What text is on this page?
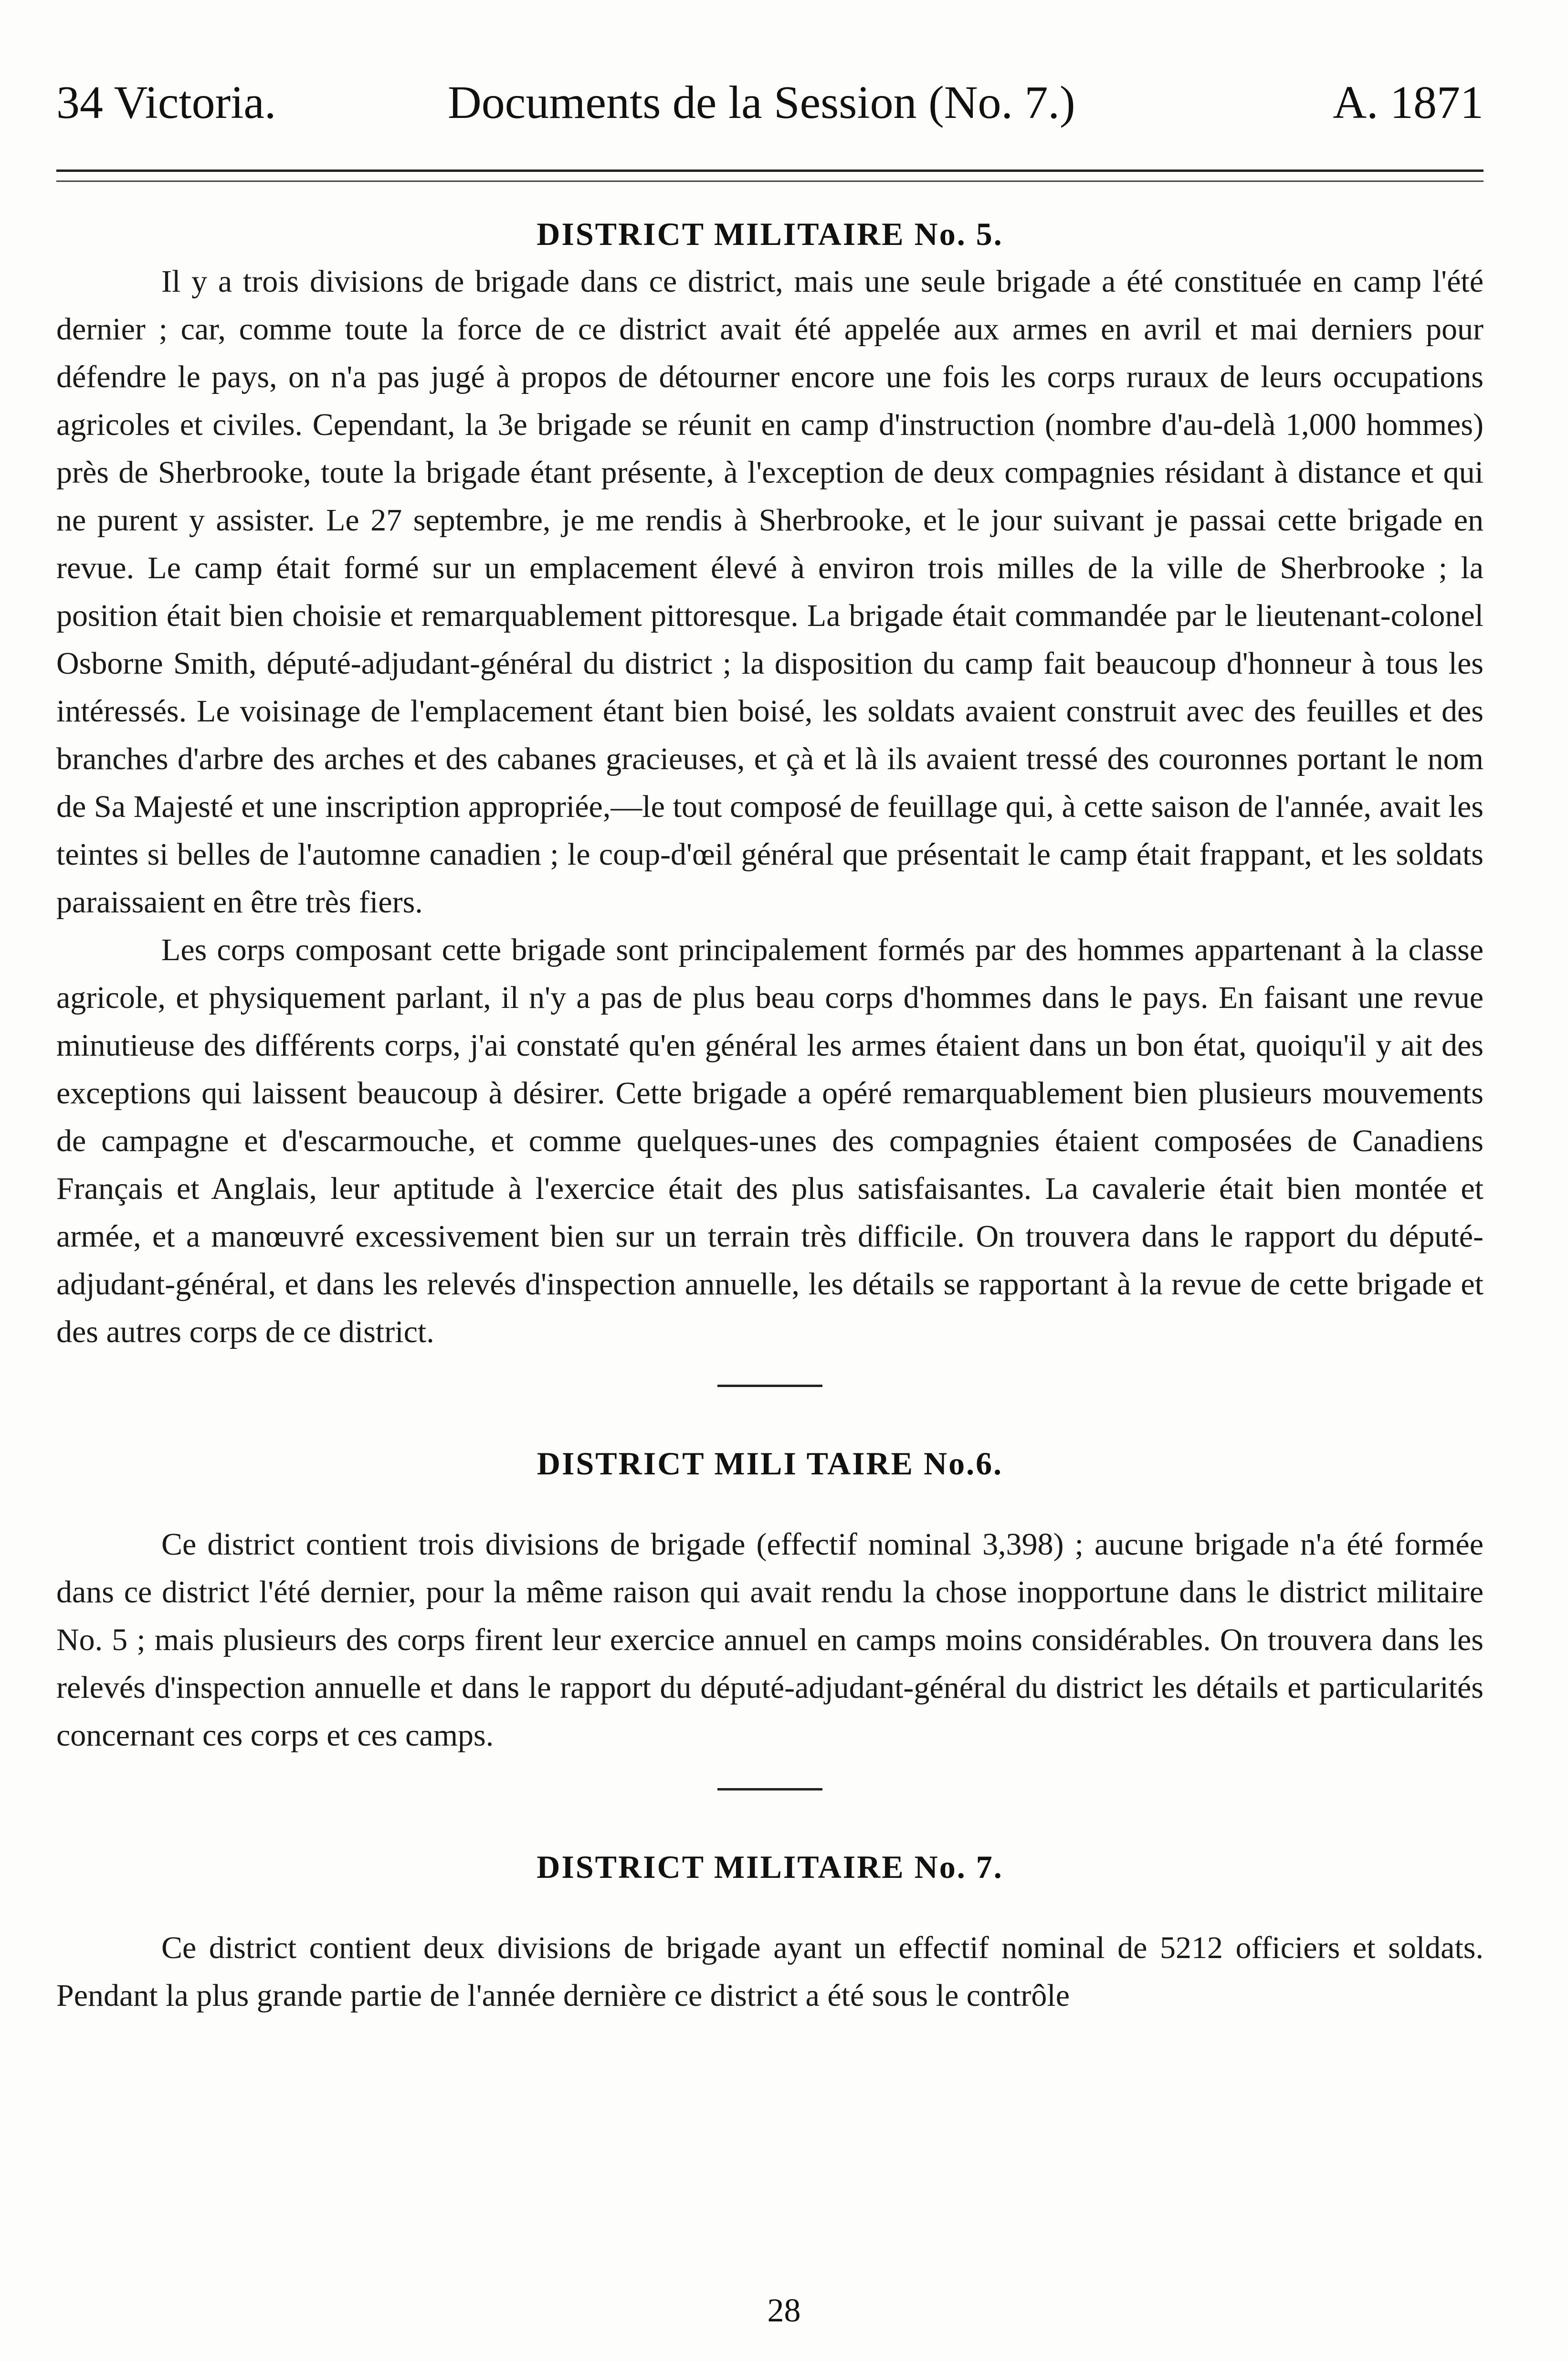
34 Victoria.	Documents de la Session (No. 7.)	A. 1871
DISTRICT MILITAIRE No. 5.

Il y a trois divisions de brigade dans ce district, mais une seule brigade a été constituée en camp l'été dernier ; car, comme toute la force de ce district avait été appelée aux armes en avril et mai derniers pour défendre le pays, on n'a pas jugé à propos de détourner encore une fois les corps ruraux de leurs occupations agricoles et civiles. Cependant, la 3e brigade se réunit en camp d'instruction (nombre d'au-delà 1,000 hommes) près de Sherbrooke, toute la brigade étant présente, à l'exception de deux compagnies résidant à distance et qui ne purent y assister. Le 27 septembre, je me rendis à Sherbrooke, et le jour suivant je passai cette brigade en revue. Le camp était formé sur un emplacement élevé à environ trois milles de la ville de Sherbrooke ; la position était bien choisie et remarquablement pittoresque. La brigade était commandée par le lieutenant-colonel Osborne Smith, député-adjudant-général du district ; la disposition du camp fait beaucoup d'honneur à tous les intéressés. Le voisinage de l'emplacement étant bien boisé, les soldats avaient construit avec des feuilles et des branches d'arbre des arches et des cabanes gracieuses, et çà et là ils avaient tressé des couronnes portant le nom de Sa Majesté et une inscription appropriée,—le tout composé de feuillage qui, à cette saison de l'année, avait les teintes si belles de l'automne canadien ; le coup-d'œil général que présentait le camp était frappant, et les soldats paraissaient en être très fiers.

Les corps composant cette brigade sont principalement formés par des hommes appartenant à la classe agricole, et physiquement parlant, il n'y a pas de plus beau corps d'hommes dans le pays. En faisant une revue minutieuse des différents corps, j'ai constaté qu'en général les armes étaient dans un bon état, quoiqu'il y ait des exceptions qui laissent beaucoup à désirer. Cette brigade a opéré remarquablement bien plusieurs mouvements de campagne et d'escarmouche, et comme quelques-unes des compagnies étaient composées de Canadiens Français et Anglais, leur aptitude à l'exercice était des plus satisfaisantes. La cavalerie était bien montée et armée, et a manœuvré excessivement bien sur un terrain très difficile. On trouvera dans le rapport du député-adjudant-général, et dans les relevés d'inspection annuelle, les détails se rapportant à la revue de cette brigade et des autres corps de ce district.

DISTRICT MILI TAIRE No.6.

Ce district contient trois divisions de brigade (effectif nominal 3,398) ; aucune brigade n'a été formée dans ce district l'été dernier, pour la même raison qui avait rendu la chose inopportune dans le district militaire No. 5 ; mais plusieurs des corps firent leur exercice annuel en camps moins considérables. On trouvera dans les relevés d'inspection annuelle et dans le rapport du député-adjudant-général du district les détails et particularités concernant ces corps et ces camps.

DISTRICT MILITAIRE No. 7.

Ce district contient deux divisions de brigade ayant un effectif nominal de 5212 officiers et soldats. Pendant la plus grande partie de l'année dernière ce district a été sous le contrôle

28
